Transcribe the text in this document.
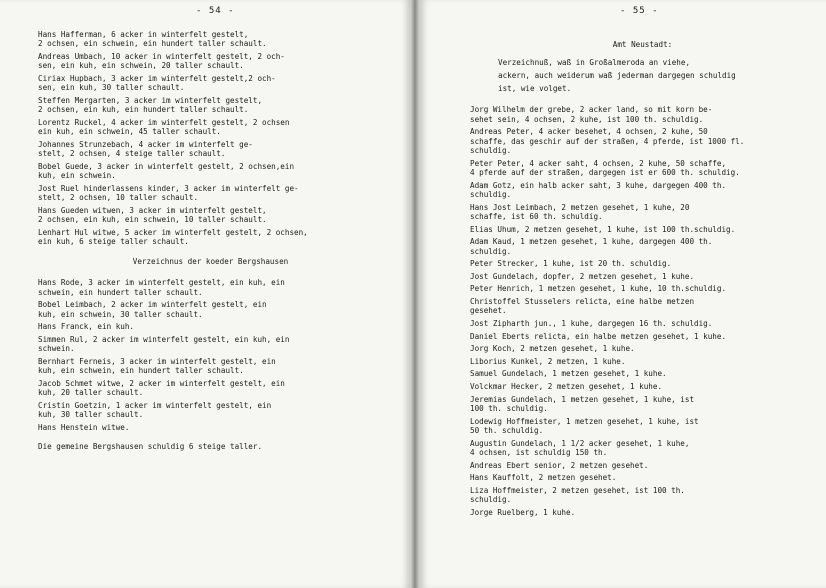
- 54 -
Hans Hafferman, 6 acker in winterfelt gestelt,
2 ochsen, ein schwein, ein hundert taller schault.
Andreas Umbach, 10 acker in winterfelt gestelt, 2 och-
sen, ein kuh, ein schwein, 20 taller schault.
Ciriax Hupbach, 3 acker im winterfelt gestelt,2 och-
sen, ein kuh, 30 taller schault.
Steffen Mergarten, 3 acker im winterfelt gestelt,
2 ochsen, ein kuh, ein hundert taller schault.
Lorentz Ruckel, 4 acker im winterfelt gestelt, 2 ochsen
ein kuh, ein schwein, 45 taller schault.
Johannes Strunzebach, 4 acker im winterfelt ge-
stelt, 2 ochsen, 4 steige taller schault.
Bobel Guede, 3 acker in winterfelt gestelt, 2 ochsen,ein
kuh, ein schwein.
Jost Ruel hinderlassens kinder, 3 acker im winterfelt ge-
stelt, 2 ochsen, 10 taller schault.
Hans Gueden witwen, 3 acker im winterfelt gestelt,
2 ochsen, ein kuh, ein schwein, 10 taller schault.
Lenhart Hul witwe, 5 acker im winterfelt gestelt, 2 ochsen,
ein kuh, 6 steige taller schault.
Verzeichnus der koeder Bergshausen
Hans Rode, 3 acker im winterfelt gestelt, ein kuh, ein
schwein, ein hundert taller schault.
Bobel Leimbach, 2 acker im winterfelt gestelt, ein
kuh, ein schwein, 30 taller schault.
Hans Franck, ein kuh.
Simmen Rul, 2 acker im winterfelt gestelt, ein kuh, ein
schwein.
Bernhart Ferneis, 3 acker im winterfelt gestelt, ein
kuh, ein schwein, ein hundert taller schault.
Jacob Schmet witwe, 2 acker im winterfelt gestelt, ein
kuh, 20 taller schault.
Cristin Goetzin, 1 acker im winterfelt gestelt, ein
kuh, 30 taller schault.
Hans Henstein witwe.
Die gemeine Bergshausen schuldig 6 steige taller.
- 55 -
Amt Neustadt:
Verzeichnuß, waß in Großalmeroda an viehe,
ackern, auch weiderum waß jederman dargegen schuldig
ist, wie volget.
Jorg Wilhelm der grebe, 2 acker land, so mit korn be-
sehet sein, 4 ochsen, 2 kuhe, ist 100 th. schuldig.
Andreas Peter, 4 acker besehet, 4 ochsen, 2 kuhe, 50
schaffe, das geschir auf der straßen, 4 pferde, ist 1000 fl.
schuldig.
Peter Peter, 4 acker saht, 4 ochsen, 2 kuhe, 50 schaffe,
4 pferde auf der straßen, dargegen ist er 600 th. schuldig.
Adam Gotz, ein halb acker saht, 3 kuhe, dargegen 400 th.
schuldig.
Hans Jost Leimbach, 2 metzen gesehet, 1 kuhe, 20
schaffe, ist 60 th. schuldig.
Elias Uhum, 2 metzen gesehet, 1 kuhe, ist 100 th.schuldig.
Adam Kaud, 1 metzen gesehet, 1 kuhe, dargegen 400 th.
schuldig.
Peter Strecker, 1 kuhe, ist 20 th. schuldig.
Jost Gundelach, dopfer, 2 metzen gesehet, 1 kuhe.
Peter Henrich, 1 metzen gesehet, 1 kuhe, 10 th.schuldig.
Christoffel Stusselers relicta, eine halbe metzen
gesehet.
Jost Zipharth jun., 1 kuhe, dargegen 16 th. schuldig.
Daniel Eberts relicta, ein halbe metzen gesehet, 1 kuhe.
Jorg Koch, 2 metzen gesehet, 1 kuhe.
Liborius Kunkel, 2 metzen, 1 kuhe.
Samuel Gundelach, 1 metzen gesehet, 1 kuhe.
Volckmar Hecker, 2 metzen gesehet, 1 kuhe.
Jeremias Gundelach, 1 metzen gesehet, 1 kuhe, ist
100 th. schuldig.
Lodewig Hoffmeister, 1 metzen gesehet, 1 kuhe, ist
50 th. schuldig.
Augustin Gundelach, 1 1/2 acker gesehet, 1 kuhe,
4 ochsen, ist schuldig 150 th.
Andreas Ebert senior, 2 metzen gesehet.
Hans Kauffolt, 2 metzen gesehet.
Liza Hoffmeister, 2 metzen gesehet, ist 100 th.
schuldig.
Jorge Ruelberg, 1 kuhe.
